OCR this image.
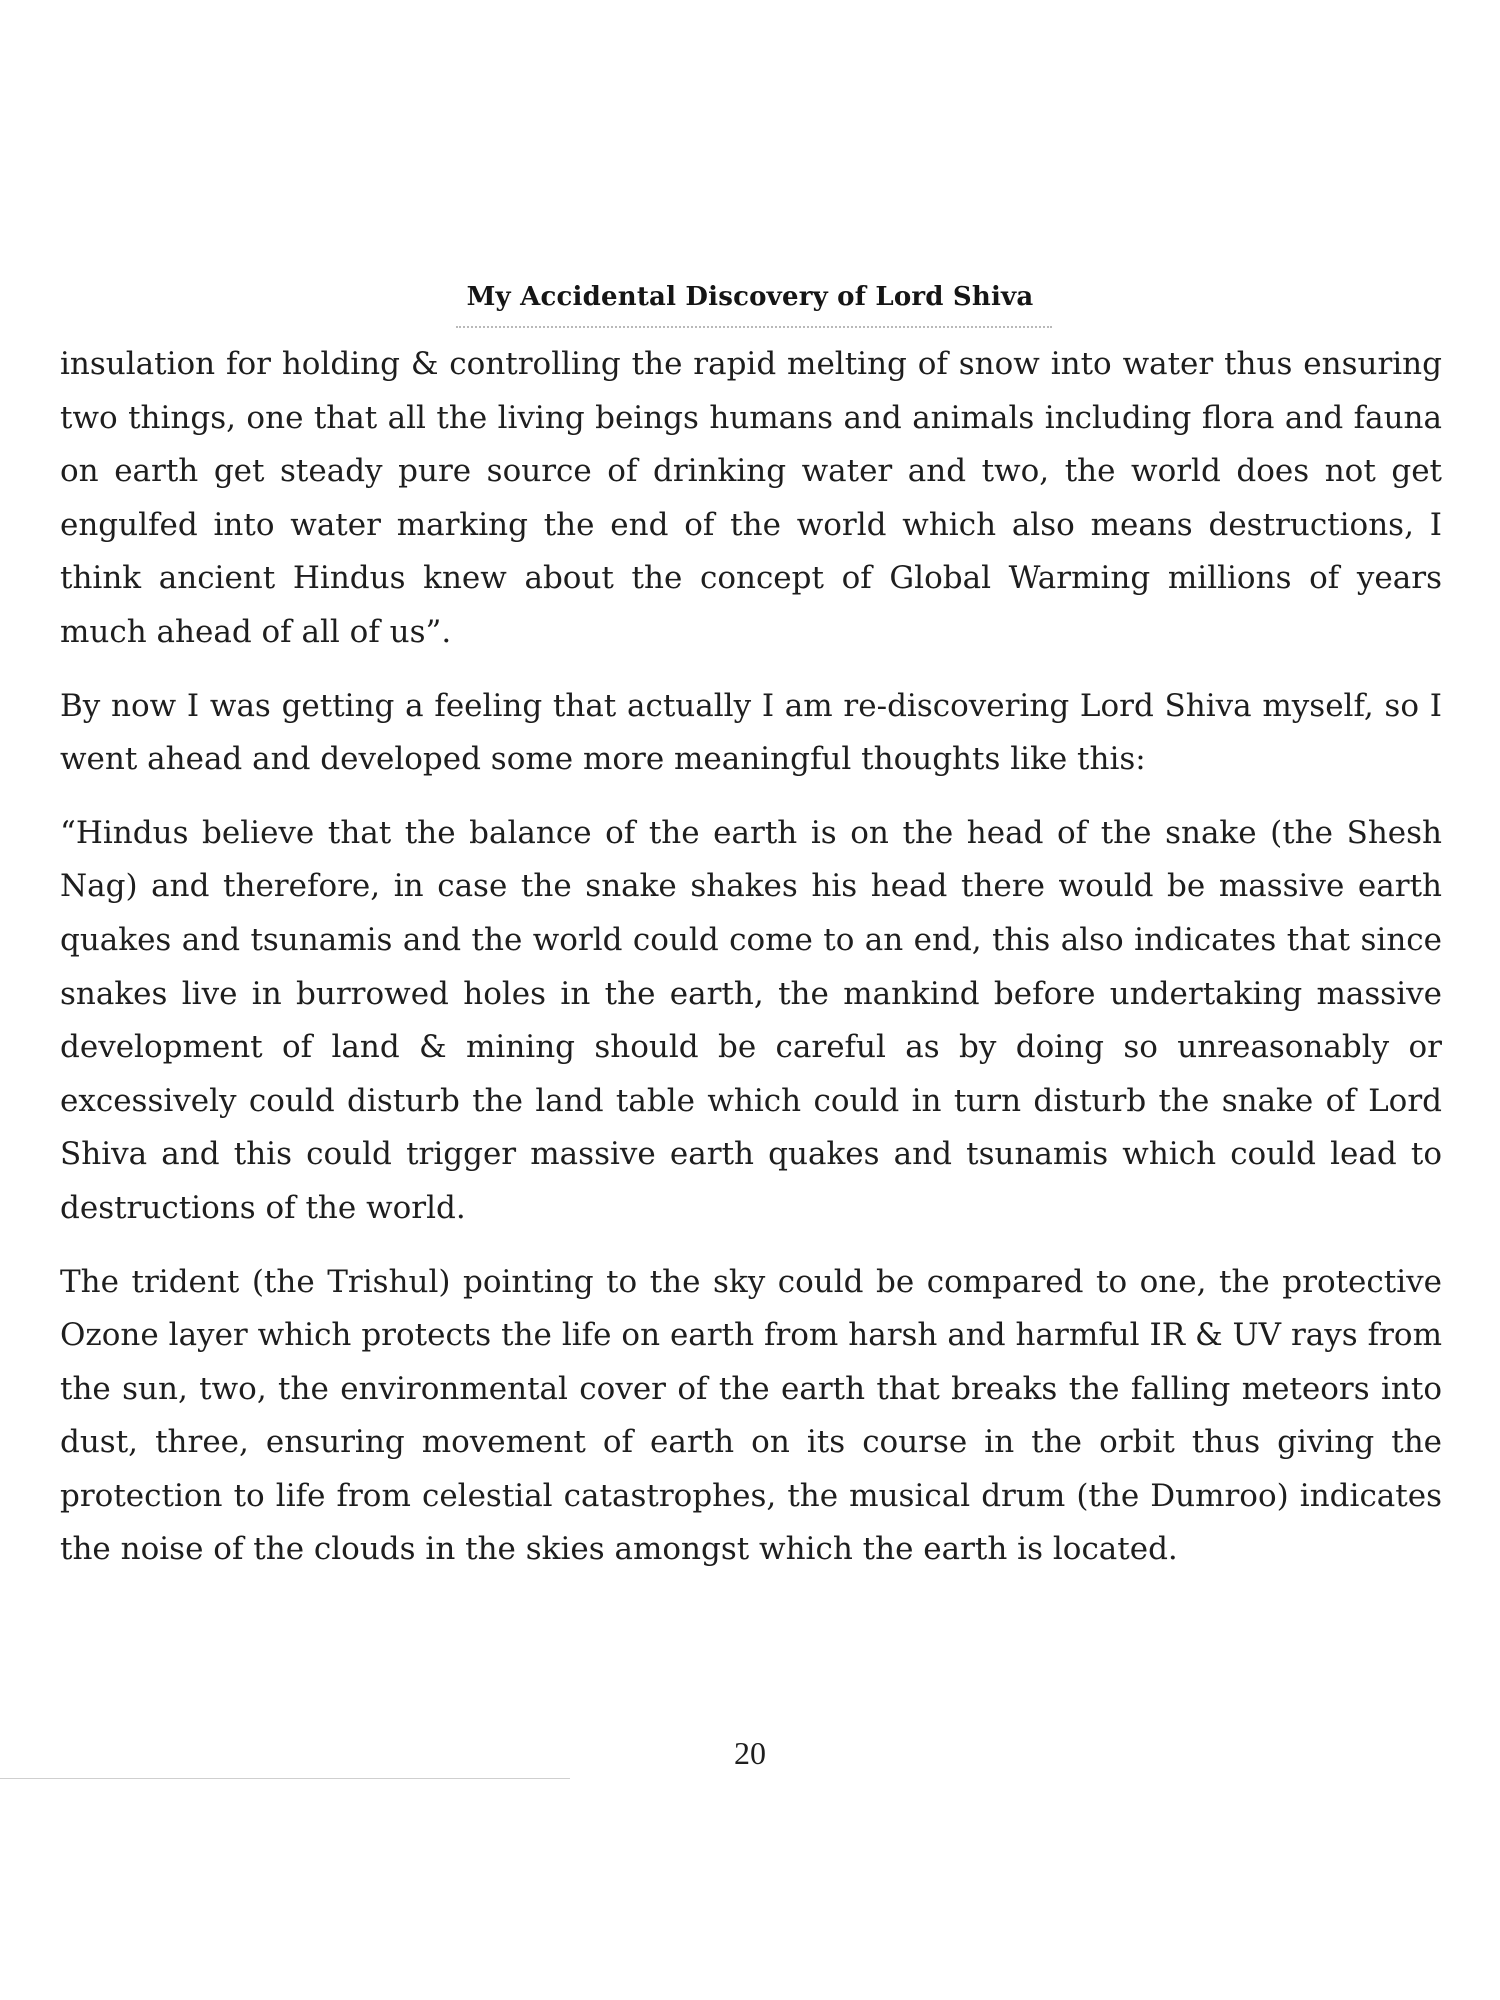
My Accidental Discovery of Lord Shiva

insulation for holding & controlling the rapid melting of snow into water thus ensuring two things, one that all the living beings humans and animals including flora and fauna on earth get steady pure source of drinking water and two, the world does not get engulfed into water marking the end of the world which also means destructions, I think ancient Hindus knew about the concept of Global Warming millions of years much ahead of all of us”.

By now I was getting a feeling that actually I am re-discovering Lord Shiva myself, so I went ahead and developed some more meaningful thoughts like this:

“Hindus believe that the balance of the earth is on the head of the snake (the Shesh Nag) and therefore, in case the snake shakes his head there would be massive earth quakes and tsunamis and the world could come to an end, this also indicates that since snakes live in burrowed holes in the earth, the mankind before undertaking massive development of land & mining should be careful as by doing so unreasonably or excessively could disturb the land table which could in turn disturb the snake of Lord Shiva and this could trigger massive earth quakes and tsunamis which could lead to destructions of the world.

The trident (the Trishul) pointing to the sky could be compared to one, the protective Ozone layer which protects the life on earth from harsh and harmful IR & UV rays from the sun, two, the environmental cover of the earth that breaks the falling meteors into dust, three, ensuring movement of earth on its course in the orbit thus giving the protection to life from celestial catastrophes, the musical drum (the Dumroo) indicates the noise of the clouds in the skies amongst which the earth is located.

20
